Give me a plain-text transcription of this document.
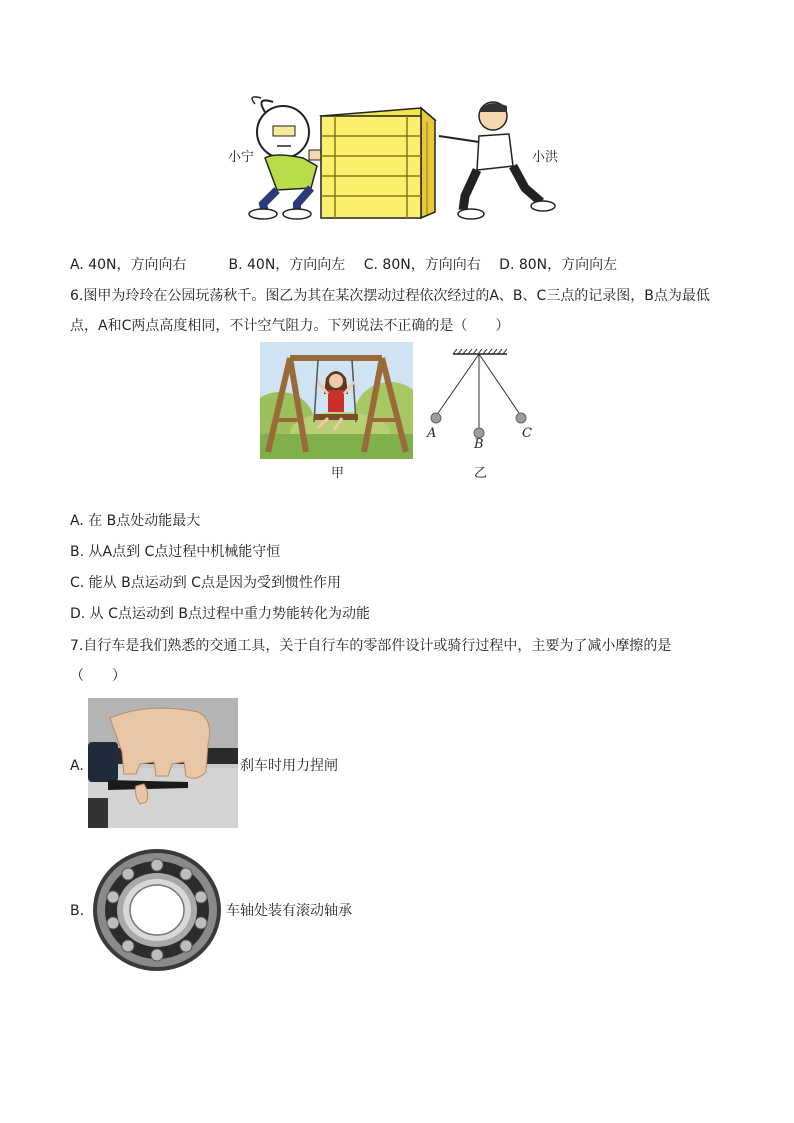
小宁	小洪
A. 40N，方向向右　　　B. 40N，方向向左　 C. 80N，方向向右　 D. 80N，方向向左
6.图甲为玲玲在公园玩荡秋千。图乙为其在某次摆动过程依次经过的A、B、C三点的记录图，B点为最低
点，A和C两点高度相同，不计空气阻力。下列说法不正确的是（　　）
甲
A
B
C
乙
A. 在 B点处动能最大
B. 从A点到 C点过程中机械能守恒
C. 能从 B点运动到 C点是因为受到惯性作用
D. 从 C点运动到 B点过程中重力势能转化为动能
7.自行车是我们熟悉的交通工具，关于自行车的零部件设计或骑行过程中，主要为了减小摩擦的是
（　　）
A.	刹车时用力捏闸
B.	车轴处装有滚动轴承
